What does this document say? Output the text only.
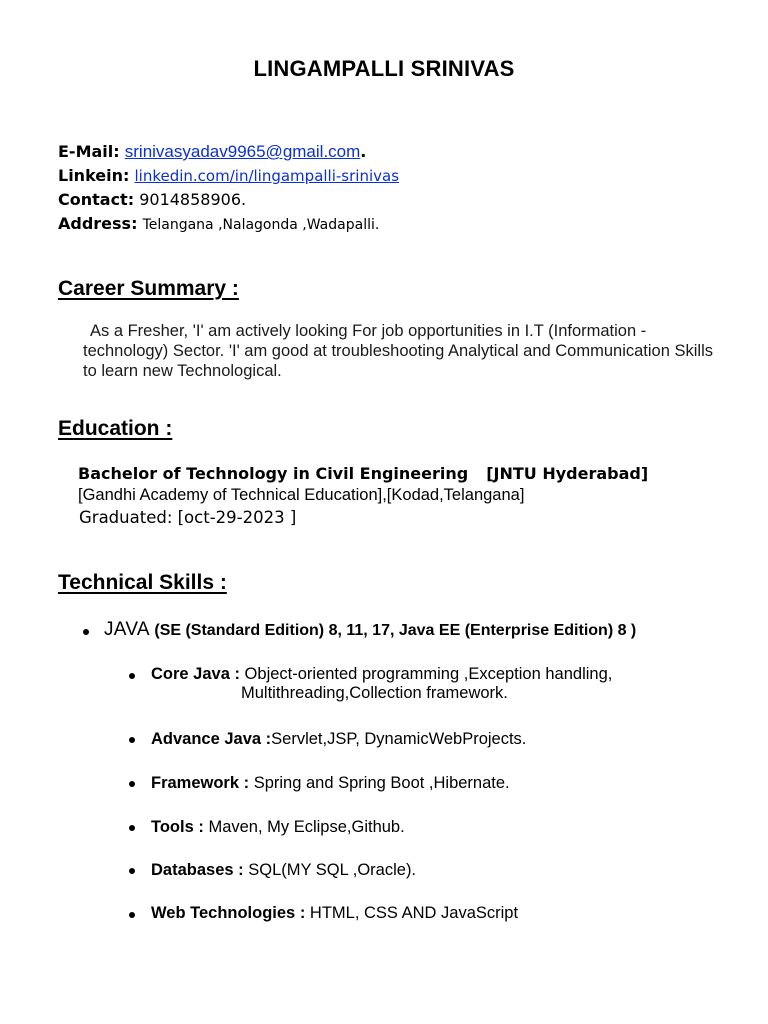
LINGAMPALLI SRINIVAS
E-Mail: srinivasyadav9965@gmail.com.
Linkein: linkedin.com/in/lingampalli-srinivas
Contact: 9014858906.
Address: Telangana ,Nalagonda ,Wadapalli.
Career Summary :
As a Fresher, 'I' am actively looking For job opportunities in I.T (Information -technology) Sector. 'I' am good at troubleshooting Analytical and Communication Skills to learn new Technological.
Education :
Bachelor of Technology in Civil Engineering [JNTU Hyderabad]
[Gandhi Academy of Technical Education],[Kodad,Telangana]
Graduated: [oct-29-2023 ]
Technical Skills :
JAVA (SE (Standard Edition) 8, 11, 17, Java EE (Enterprise Edition) 8 )
Core Java : Object-oriented programming ,Exception handling,
Multithreading,Collection framework.
Advance Java :Servlet,JSP, DynamicWebProjects.
Framework : Spring and Spring Boot ,Hibernate.
Tools : Maven, My Eclipse,Github.
Databases : SQL(MY SQL ,Oracle).
Web Technologies : HTML, CSS AND JavaScript
